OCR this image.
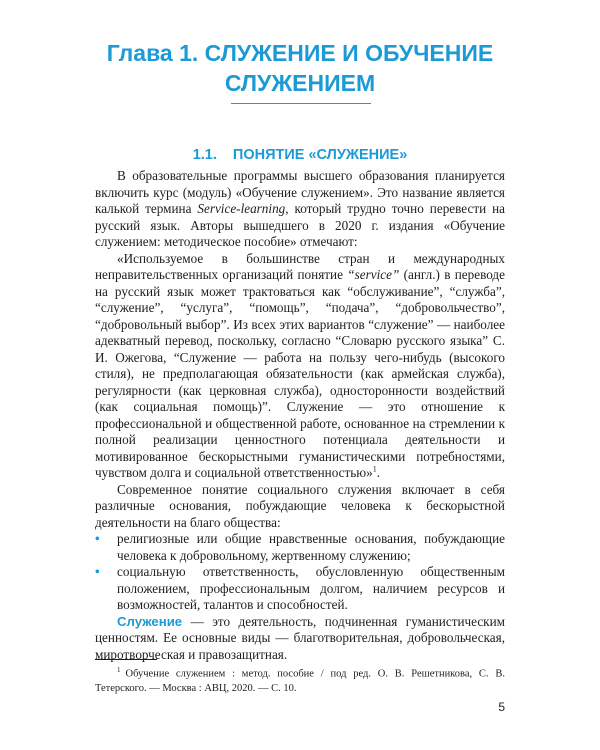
Глава 1. СЛУЖЕНИЕ И ОБУЧЕНИЕ
СЛУЖЕНИЕМ
1.1. ПОНЯТИЕ «СЛУЖЕНИЕ»

В образовательные программы высшего образования планируется включить курс (модуль) «Обучение служением». Это название является калькой термина Service-learning, который трудно точно перевести на русский язык. Авторы вышедшего в 2020 г. издания «Обучение служением: методическое пособие» отмечают:

«Используемое в большинстве стран и международных неправительственных организаций понятие “service” (англ.) в переводе на русский язык может трактоваться как “обслуживание”, “служба”, “служение”, “услуга”, “помощь”, “подача”, “добровольчество”, “добровольный выбор”. Из всех этих вариантов “служение” — наиболее адекватный перевод, поскольку, согласно “Словарю русского языка” С. И. Ожегова, “Служение — работа на пользу чего-нибудь (высокого стиля), не предполагающая обязательности (как армейская служба), регулярности (как церковная служба), односторонности воздействий (как социальная помощь)”. Служение — это отношение к профессиональной и общественной работе, основанное на стремлении к полной реализации ценностного потенциала деятельности и мотивированное бескорыстными гуманистическими потребностями, чувством долга и социальной ответственностью»$^1$.

Современное понятие социального служения включает в себя различные основания, побуждающие человека к бескорыстной деятельности на благо общества:

• религиозные или общие нравственные основания, побуждающие человека к добровольному, жертвенному служению;
• социальную ответственность, обусловленную общественным положением, профессиональным долгом, наличием ресурсов и возможностей, талантов и способностей.

Служение — это деятельность, подчиненная гуманистическим ценностям. Ее основные виды — благотворительная, добровольческая, миротворческая и правозащитная.

$^1$ Обучение служением : метод. пособие / под ред. О. В. Решетникова, С. В. Тетерского. — Москва : АВЦ, 2020. — С. 10.

5
